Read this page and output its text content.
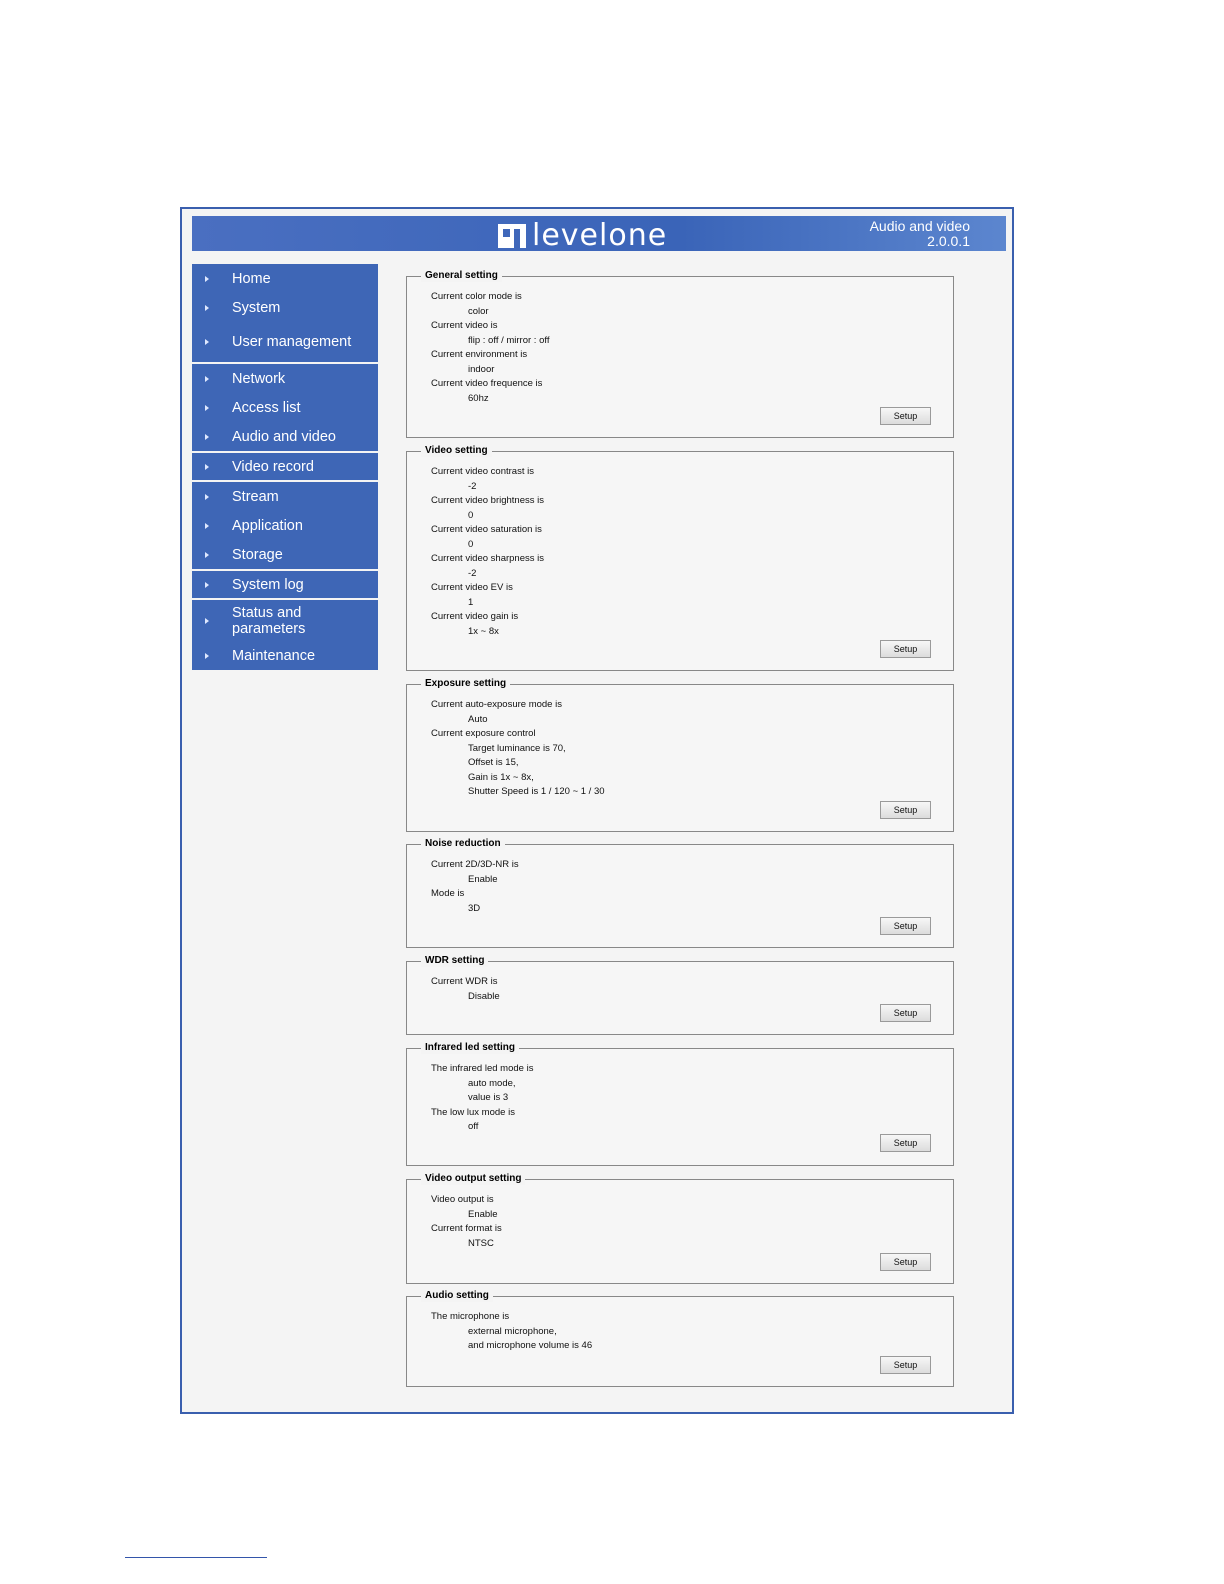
levelone	Audio and video
2.0.0.1
Home
System
User management
Network
Access list
Audio and video
Video record
Stream
Application
Storage
System log
Status and parameters
Maintenance
General setting
Current color mode is
color
Current video is
flip : off / mirror : off
Current environment is
indoor
Current video frequence is
60hz
Setup
Video setting
Current video contrast is
-2
Current video brightness is
0
Current video saturation is
0
Current video sharpness is
-2
Current video EV is
1
Current video gain is
1x ~ 8x
Setup
Exposure setting
Current auto-exposure mode is
Auto
Current exposure control
Target luminance is 70,
Offset is 15,
Gain is 1x ~ 8x,
Shutter Speed is 1 / 120 ~ 1 / 30
Setup
Noise reduction
Current 2D/3D-NR is
Enable
Mode is
3D
Setup
WDR setting
Current WDR is
Disable
Setup
Infrared led setting
The infrared led mode is
auto mode,
value is 3
The low lux mode is
off
Setup
Video output setting
Video output is
Enable
Current format is
NTSC
Setup
Audio setting
The microphone is
external microphone,
and microphone volume is 46
Setup
